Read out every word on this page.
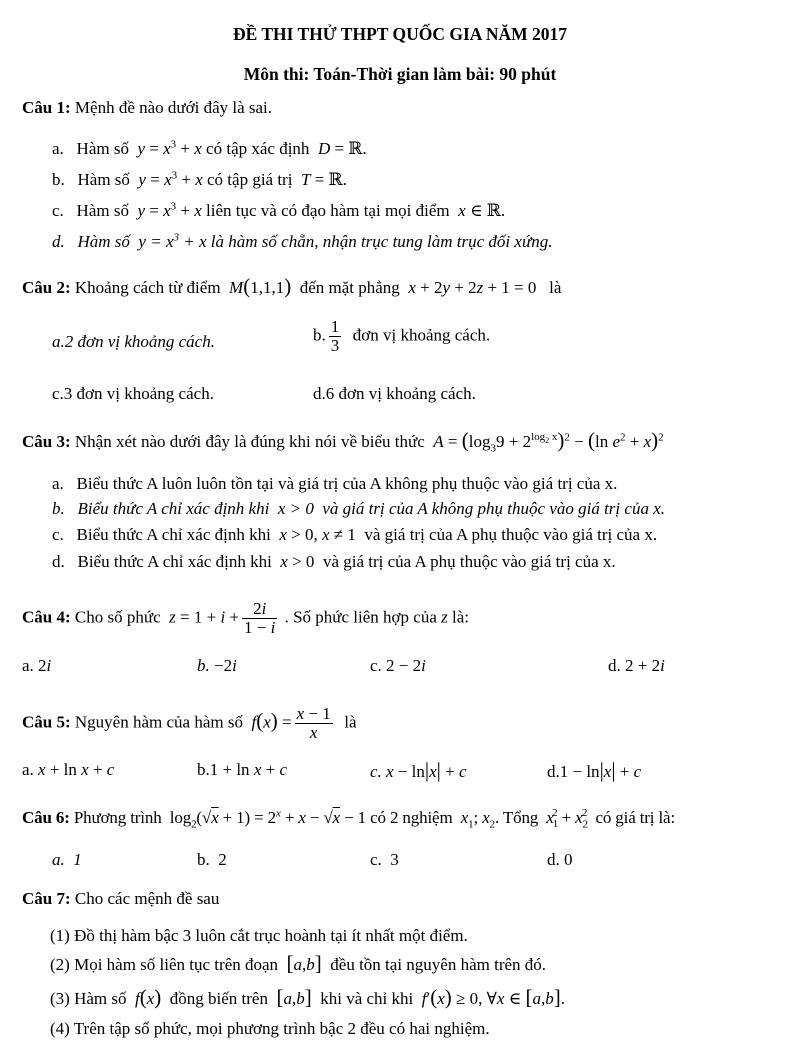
ĐỀ THI THỬ THPT QUỐC GIA NĂM 2017
Môn thi: Toán-Thời gian làm bài: 90 phút
Câu 1: Mệnh đề nào dưới đây là sai.
a. Hàm số $y = x^3 + x$ có tập xác định D = ℝ.
b. Hàm số $y = x^3 + x$ có tập giá trị T = ℝ.
c. Hàm số $y = x^3 + x$ liên tục và có đạo hàm tại mọi điểm x ∈ ℝ.
d. Hàm số $y = x^3 + x$ là hàm số chẵn, nhận trục tung làm trục đối xứng.
Câu 2: Khoảng cách từ điểm M(1,1,1) đến mặt phẳng x + 2y + 2z + 1 = 0   là
a.2 đơn vị khoảng cách.	b. $\frac{1}{3}$ đơn vị khoảng cách.
c.3 đơn vị khoảng cách.	d.6 đơn vị khoảng cách.
Câu 3: Nhận xét nào dưới đây là đúng khi nói về biểu thức $A = (\log_39 + 2^{log_2 x})^2 - (\ln$ $e^2 + x)^2$
a. Biểu thức A luôn luôn tồn tại và giá trị của A không phụ thuộc vào giá trị của x.
b. Biểu thức A chỉ xác định khi x > 0  và giá trị của A không phụ thuộc vào giá trị của x.
c. Biểu thức A chỉ xác định khi x > 0, x ≠ 1  và giá trị của A phụ thuộc vào giá trị của x.
d. Biểu thức A chỉ xác định khi x > 0  và giá trị của A phụ thuộc vào giá trị của x.
Câu 4: Cho số phức $z = 1 + i + \frac{2i}{1 - i}$ . Số phức liên hợp của z là:
a. 2i	b. −2i	c. 2 − 2i	d. 2 + 2i
Câu 5: Nguyên hàm của hàm số $f(x) = \frac{x - 1}{x}$ là
a. x + ln x + c	b.1 + ln x + c	c. x − ln|x| + c	d.1 − ln|x| + c
Câu 6: Phương trình  $\log_2(√x + 1) = 2^x + x - √x - 1$ có 2 nghiệm $x_1$; $x_2$. Tổng $x_1^2 + x_2^2$ có giá trị là:
a. 1	b. 2	c. 3	d. 0
Câu 7: Cho các mệnh đề sau
(1) Đồ thị hàm bậc 3 luôn cắt trục hoành tại ít nhất một điểm.
(2) Mọi hàm số liên tục trên đoạn [a,b] đều tồn tại nguyên hàm trên đó.
(3) Hàm số f(x) đồng biến trên [a,b] khi và chỉ khi f′(x) ≥ 0, ∀x ∈ [a,b].
(4) Trên tập số phức, mọi phương trình bậc 2 đều có hai nghiệm.
